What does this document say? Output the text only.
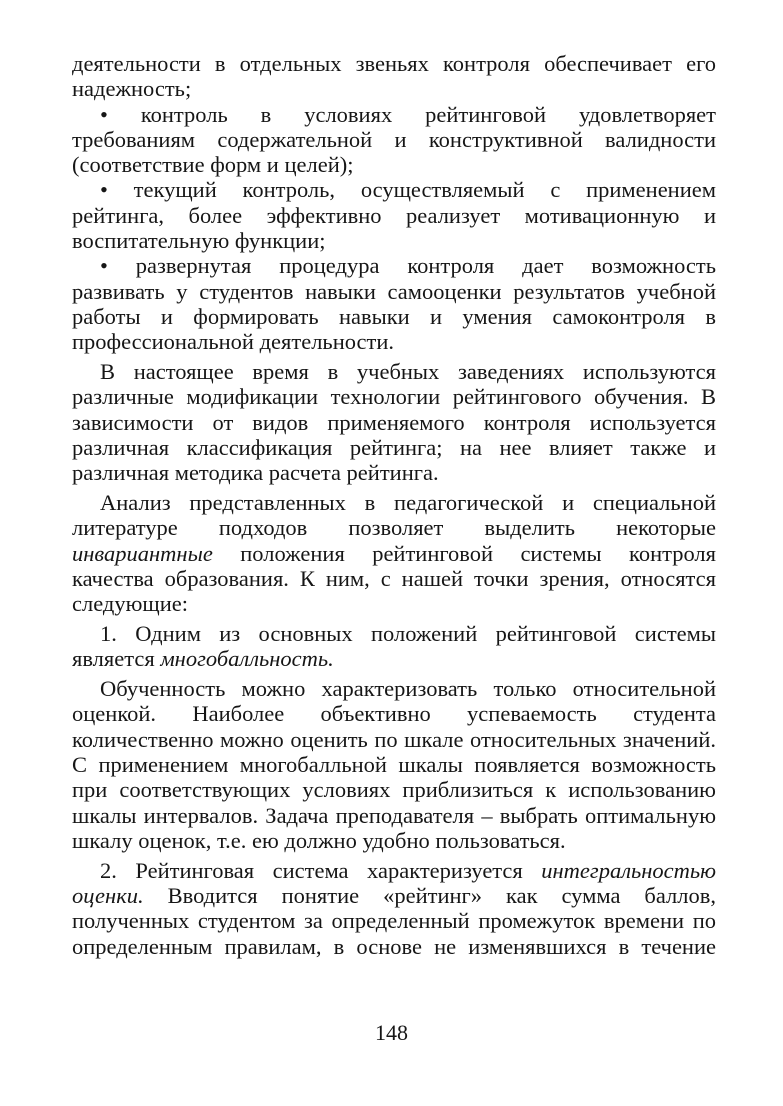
деятельности в отдельных звеньях контроля обеспечивает его
надежность;
• контроль в условиях рейтинговой удовлетворяет
требованиям содержательной и конструктивной валидности
(соответствие форм и целей);
• текущий контроль, осуществляемый с применением
рейтинга, более эффективно реализует мотивационную и
воспитательную функции;
• развернутая процедура контроля дает возможность
развивать у студентов навыки самооценки результатов учебной
работы и формировать навыки и умения самоконтроля в
профессиональной деятельности.
В настоящее время в учебных заведениях используются
различные модификации технологии рейтингового обучения. В
зависимости от видов применяемого контроля используется
различная классификация рейтинга; на нее влияет также и
различная методика расчета рейтинга.
Анализ представленных в педагогической и специальной
литературе подходов позволяет выделить некоторые
инвариантные положения рейтинговой системы контроля
качества образования. К ним, с нашей точки зрения, относятся
следующие:
1. Одним из основных положений рейтинговой системы
является многобалльность.
Обученность можно характеризовать только относительной
оценкой. Наиболее объективно успеваемость студента
количественно можно оценить по шкале относительных значений.
С применением многобалльной шкалы появляется возможность
при соответствующих условиях приблизиться к использованию
шкалы интервалов. Задача преподавателя – выбрать оптимальную
шкалу оценок, т.е. ею должно удобно пользоваться.
2. Рейтинговая система характеризуется интегральностью
оценки. Вводится понятие «рейтинг» как сумма баллов,
полученных студентом за определенный промежуток времени по
определенным правилам, в основе не изменявшихся в течение
148
